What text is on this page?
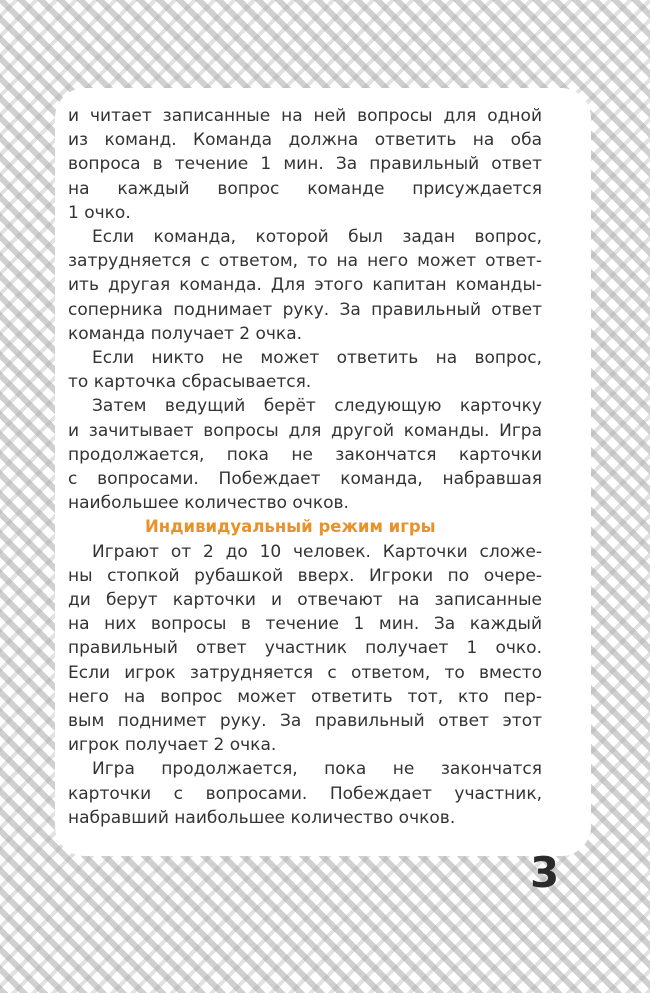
и читает записанные на ней вопросы для одной
из команд. Команда должна ответить на оба
вопроса в течение 1 мин. За правильный ответ
на каждый вопрос команде присуждается
1 очко.
Если команда, которой был задан вопрос,
затрудняется с ответом, то на него может ответ-
ить другая команда. Для этого капитан команды-
соперника поднимает руку. За правильный ответ
команда получает 2 очка.
Если никто не может ответить на вопрос,
то карточка сбрасывается.
Затем ведущий берёт следующую карточку
и зачитывает вопросы для другой команды. Игра
продолжается, пока не закончатся карточки
с вопросами. Побеждает команда, набравшая
наибольшее количество очков.
Индивидуальный режим игры
Играют от 2 до 10 человек. Карточки сложе-
ны стопкой рубашкой вверх. Игроки по очере-
ди берут карточки и отвечают на записанные
на них вопросы в течение 1 мин. За каждый
правильный ответ участник получает 1 очко.
Если игрок затрудняется с ответом, то вместо
него на вопрос может ответить тот, кто пер-
вым поднимет руку. За правильный ответ этот
игрок получает 2 очка.
Игра продолжается, пока не закончатся
карточки с вопросами. Побеждает участник,
набравший наибольшее количество очков.
3
